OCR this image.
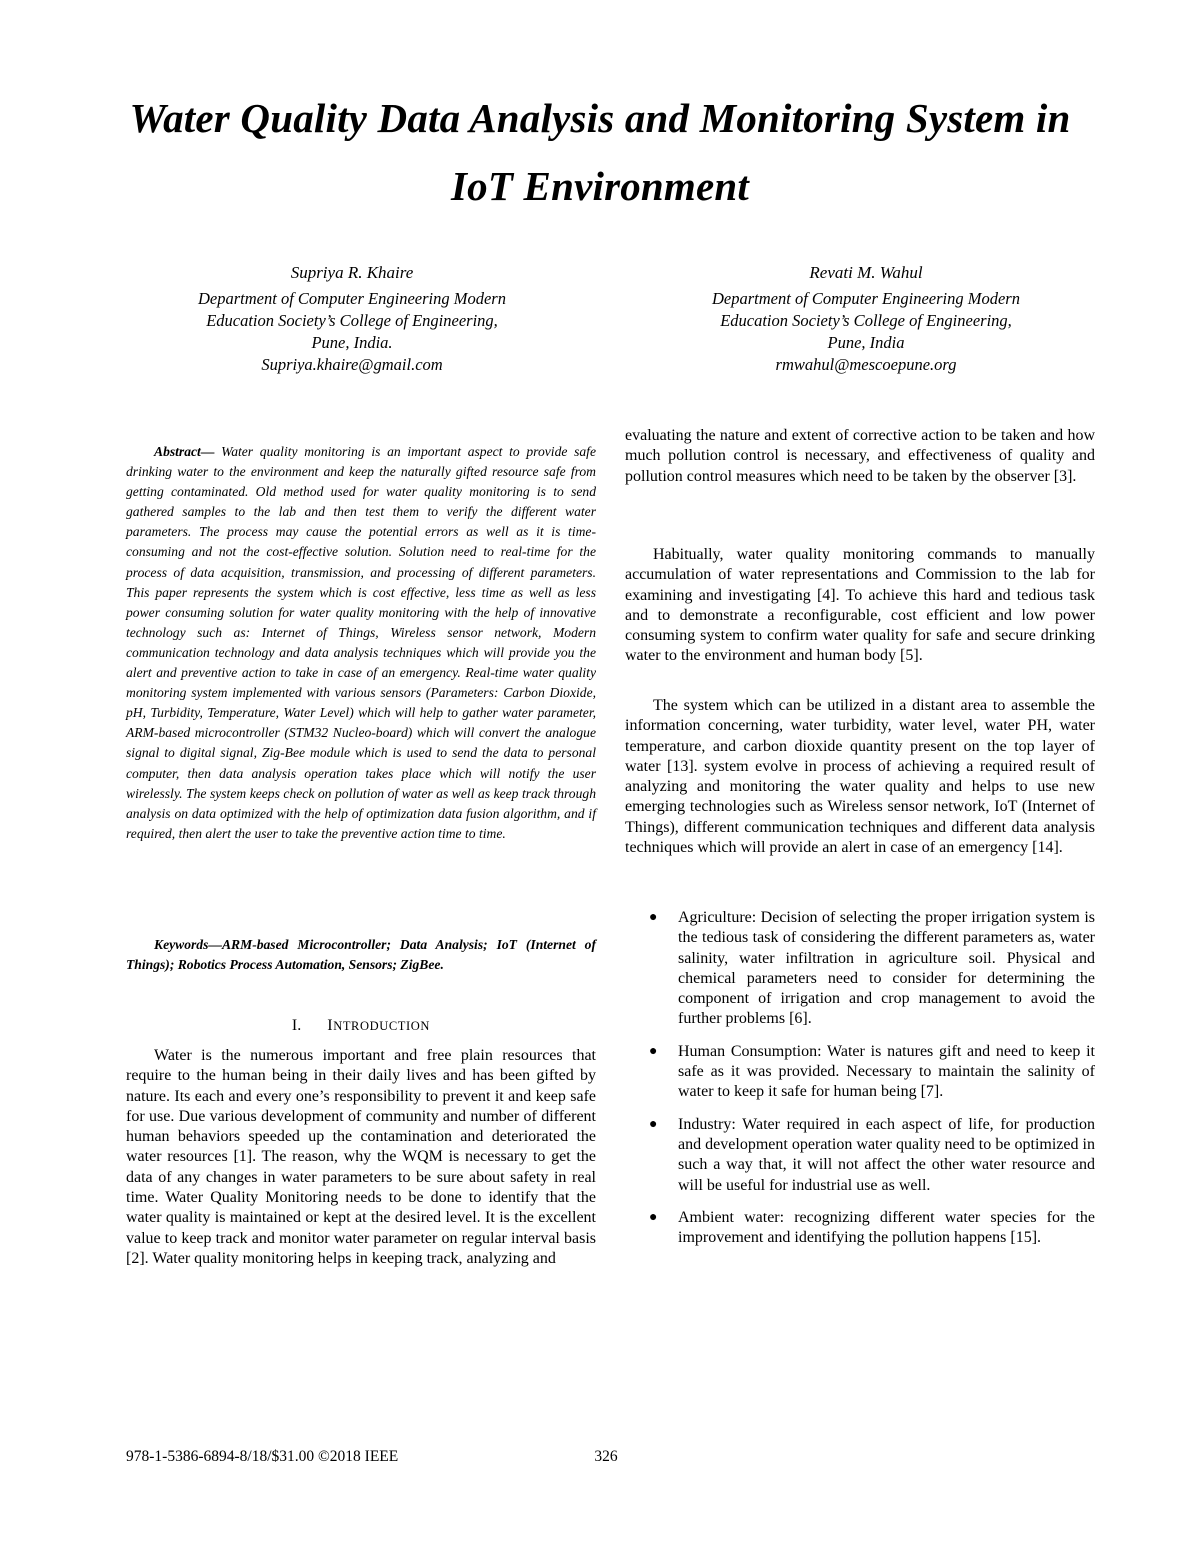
Water Quality Data Analysis and Monitoring System in IoT Environment
Supriya R. Khaire
Department of Computer Engineering Modern
Education Society’s College of Engineering,
Pune, India.
Supriya.khaire@gmail.com
Revati M. Wahul
Department of Computer Engineering Modern
Education Society’s College of Engineering,
Pune, India
rmwahul@mescoepune.org
Abstract— Water quality monitoring is an important aspect to provide safe drinking water to the environment and keep the naturally gifted resource safe from getting contaminated. Old method used for water quality monitoring is to send gathered samples to the lab and then test them to verify the different water parameters. The process may cause the potential errors as well as it is time-consuming and not the cost-effective solution. Solution need to real-time for the process of data acquisition, transmission, and processing of different parameters. This paper represents the system which is cost effective, less time as well as less power consuming solution for water quality monitoring with the help of innovative technology such as: Internet of Things, Wireless sensor network, Modern communication technology and data analysis techniques which will provide you the alert and preventive action to take in case of an emergency. Real-time water quality monitoring system implemented with various sensors (Parameters: Carbon Dioxide, pH, Turbidity, Temperature, Water Level) which will help to gather water parameter, ARM-based microcontroller (STM32 Nucleo-board) which will convert the analogue signal to digital signal, Zig-Bee module which is used to send the data to personal computer, then data analysis operation takes place which will notify the user wirelessly. The system keeps check on pollution of water as well as keep track through analysis on data optimized with the help of optimization data fusion algorithm, and if required, then alert the user to take the preventive action time to time.
Keywords—ARM-based Microcontroller; Data Analysis; IoT (Internet of Things); Robotics Process Automation, Sensors; ZigBee.
I. INTRODUCTION

Water is the numerous important and free plain resources that require to the human being in their daily lives and has been gifted by nature. Its each and every one’s responsibility to prevent it and keep safe for use. Due various development of community and number of different human behaviors speeded up the contamination and deteriorated the water resources [1]. The reason, why the WQM is necessary to get the data of any changes in water parameters to be sure about safety in real time. Water Quality Monitoring needs to be done to identify that the water quality is maintained or kept at the desired level. It is the excellent value to keep track and monitor water parameter on regular interval basis [2]. Water quality monitoring helps in keeping track, analyzing and

evaluating the nature and extent of corrective action to be taken and how much pollution control is necessary, and effectiveness of quality and pollution control measures which need to be taken by the observer [3].

Habitually, water quality monitoring commands to manually accumulation of water representations and Commission to the lab for examining and investigating [4]. To achieve this hard and tedious task and to demonstrate a reconfigurable, cost efficient and low power consuming system to confirm water quality for safe and secure drinking water to the environment and human body [5].

The system which can be utilized in a distant area to assemble the information concerning, water turbidity, water level, water PH, water temperature, and carbon dioxide quantity present on the top layer of water [13]. system evolve in process of achieving a required result of analyzing and monitoring the water quality and helps to use new emerging technologies such as Wireless sensor network, IoT (Internet of Things), different communication techniques and different data analysis techniques which will provide an alert in case of an emergency [14].

● Agriculture: Decision of selecting the proper irrigation system is the tedious task of considering the different parameters as, water salinity, water infiltration in agriculture soil. Physical and chemical parameters need to consider for determining the component of irrigation and crop management to avoid the further problems [6].
● Human Consumption: Water is natures gift and need to keep it safe as it was provided. Necessary to maintain the salinity of water to keep it safe for human being [7].
● Industry: Water required in each aspect of life, for production and development operation water quality need to be optimized in such a way that, it will not affect the other water resource and will be useful for industrial use as well.
● Ambient water: recognizing different water species for the improvement and identifying the pollution happens [15].
978-1-5386-6894-8/18/$31.00 ©2018 IEEE	326
